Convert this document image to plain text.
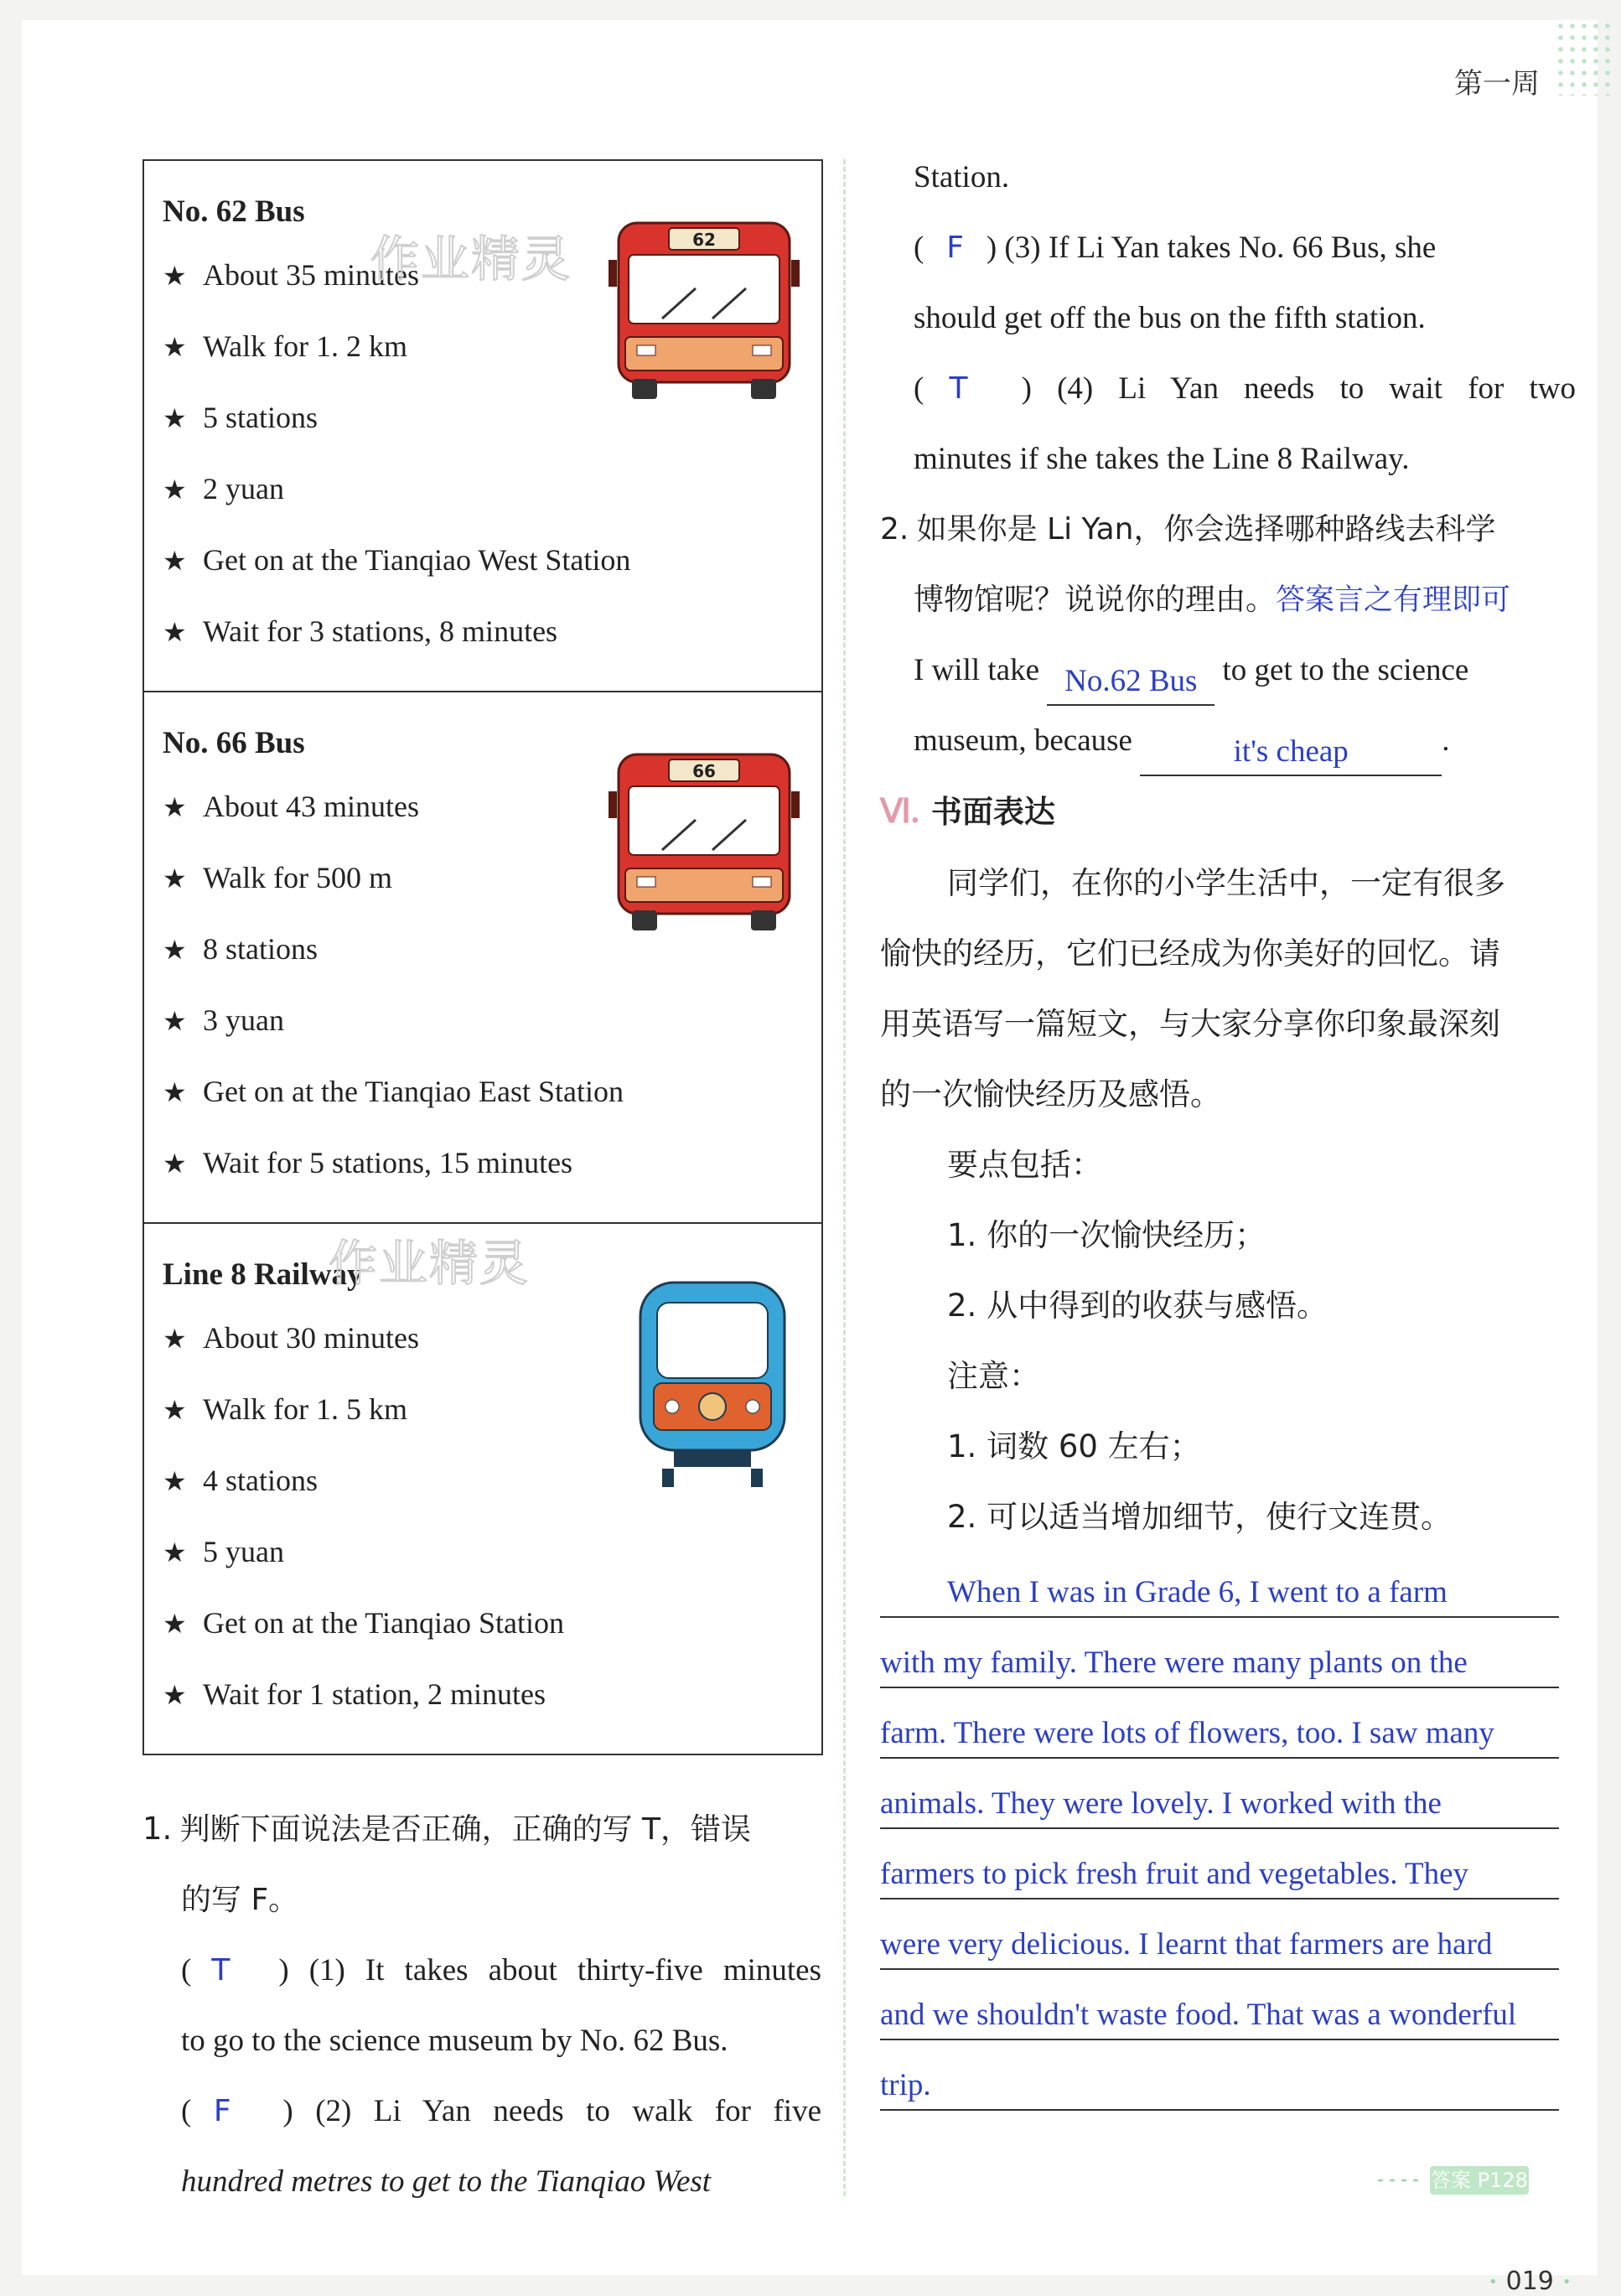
第一周
No. 62 Bus
★ About 35 minutes
★ Walk for 1. 2 km
★ 5 stations
★ 2 yuan
★ Get on at the Tianqiao West Station
★ Wait for 3 stations, 8 minutes
作业精灵	62
No. 66 Bus
★ About 43 minutes
★ Walk for 500 m
★ 8 stations
★ 3 yuan
★ Get on at the Tianqiao East Station
★ Wait for 5 stations, 15 minutes
66
Line 8 Railway
★ About 30 minutes
★ Walk for 1. 5 km
★ 4 stations
★ 5 yuan
★ Get on at the Tianqiao Station
★ Wait for 1 station, 2 minutes
作业精灵
1. 判断下面说法是否正确，正确的写 T，错误
的写 F。
( T ) (1) It takes about thirty-five minutes
to go to the science museum by No. 62 Bus.
( F ) (2) Li Yan needs to walk for five
hundred metres to get to the Tianqiao West
Station.
( F ) (3) If Li Yan takes No. 66 Bus, she
should get off the bus on the fifth station.
( T ) (4) Li Yan needs to wait for two
minutes if she takes the Line 8 Railway.
2. 如果你是 Li Yan，你会选择哪种路线去科学
博物馆呢？说说你的理由。答案言之有理即可
I will take No.62 Bus to get to the science
museum, because	it's cheap	.
Ⅵ. 书面表达
同学们，在你的小学生活中，一定有很多
愉快的经历，它们已经成为你美好的回忆。请
用英语写一篇短文，与大家分享你印象最深刻
的一次愉快经历及感悟。
要点包括：
1. 你的一次愉快经历；
2. 从中得到的收获与感悟。
注意：
1. 词数 60 左右；
2. 可以适当增加细节，使行文连贯。
When I was in Grade 6, I went to a farm
with my family. There were many plants on the
farm. There were lots of flowers, too. I saw many
animals. They were lovely. I worked with the
farmers to pick fresh fruit and vegetables. They
were very delicious. I learnt that farmers are hard
and we shouldn't waste food. That was a wonderful
trip.
答案 P128
• 019 •
